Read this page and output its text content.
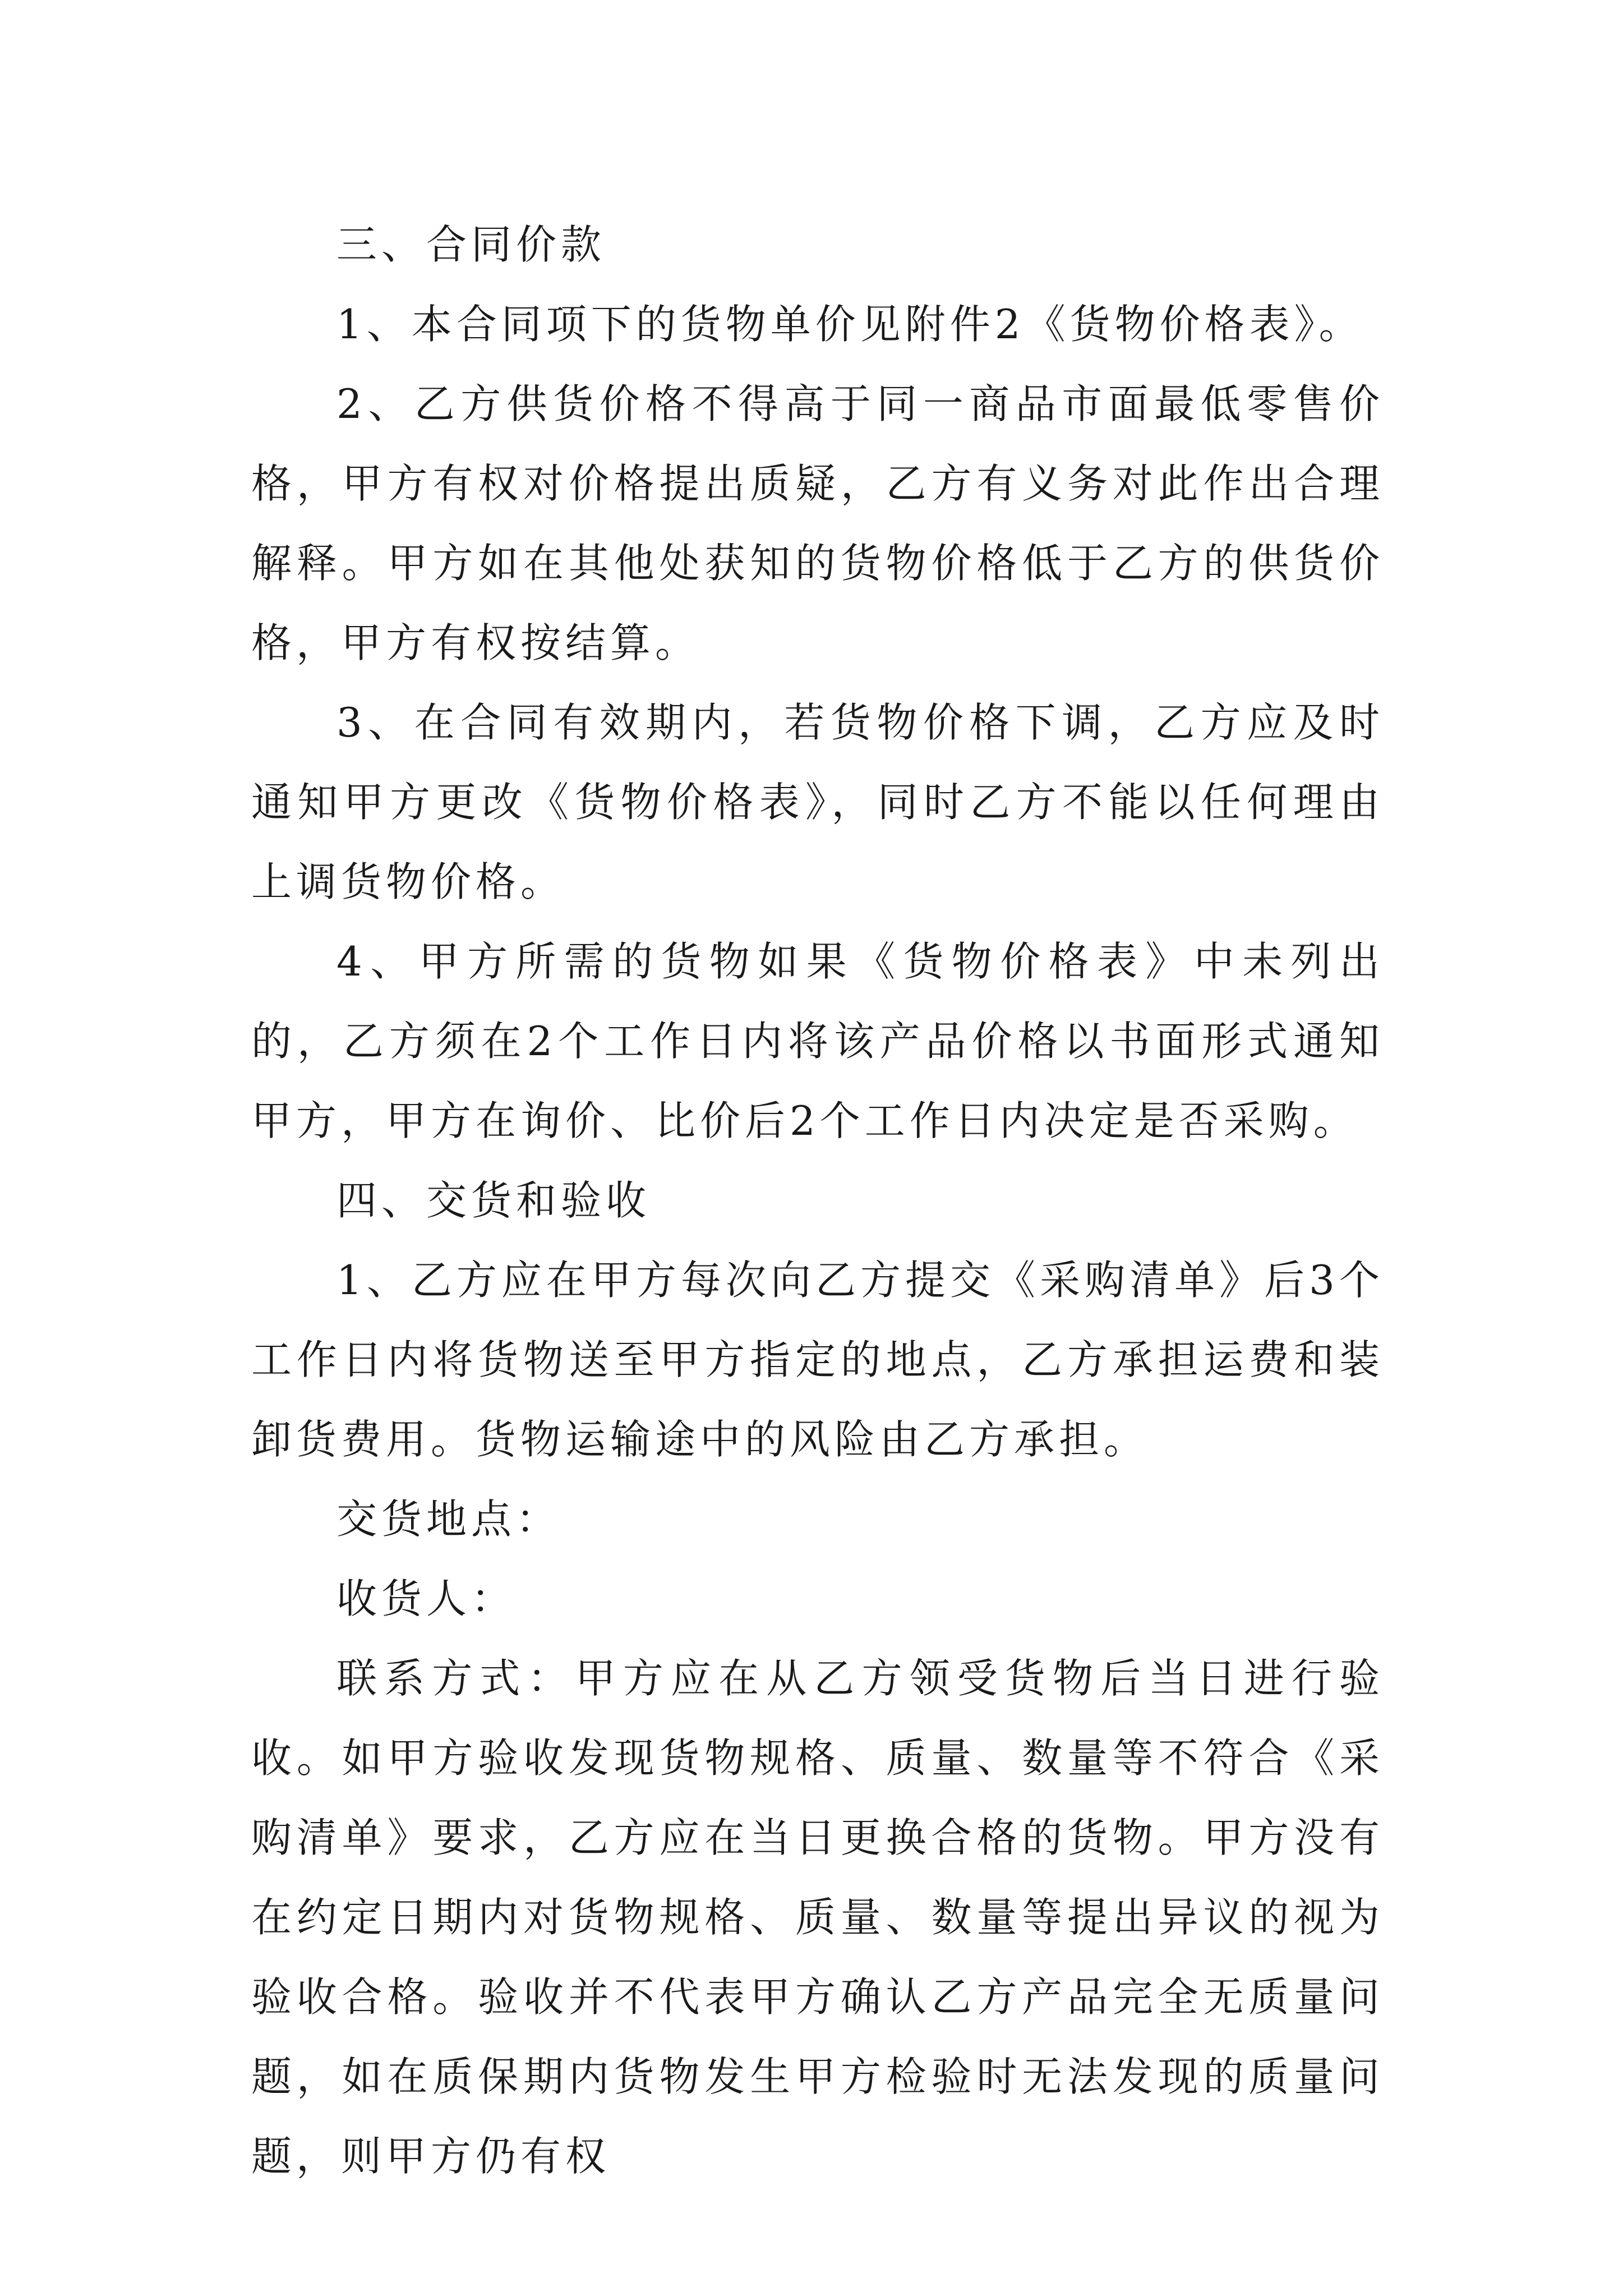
三、合同价款

1、本合同项下的货物单价见附件2《货物价格表》。

2、乙方供货价格不得高于同一商品市面最低零售价格，甲方有权对价格提出质疑，乙方有义务对此作出合理解释。甲方如在其他处获知的货物价格低于乙方的供货价格，甲方有权按结算。

3、在合同有效期内，若货物价格下调，乙方应及时通知甲方更改《货物价格表》，同时乙方不能以任何理由上调货物价格。

4、甲方所需的货物如果《货物价格表》中未列出的，乙方须在2个工作日内将该产品价格以书面形式通知甲方，甲方在询价、比价后2个工作日内决定是否采购。

四、交货和验收

1、乙方应在甲方每次向乙方提交《采购清单》后3个工作日内将货物送至甲方指定的地点，乙方承担运费和装卸货费用。货物运输途中的风险由乙方承担。

交货地点：

收货人：

联系方式：甲方应在从乙方领受货物后当日进行验收。如甲方验收发现货物规格、质量、数量等不符合《采购清单》要求，乙方应在当日更换合格的货物。甲方没有在约定日期内对货物规格、质量、数量等提出异议的视为验收合格。验收并不代表甲方确认乙方产品完全无质量问题，如在质保期内货物发生甲方检验时无法发现的质量问题，则甲方仍有权
